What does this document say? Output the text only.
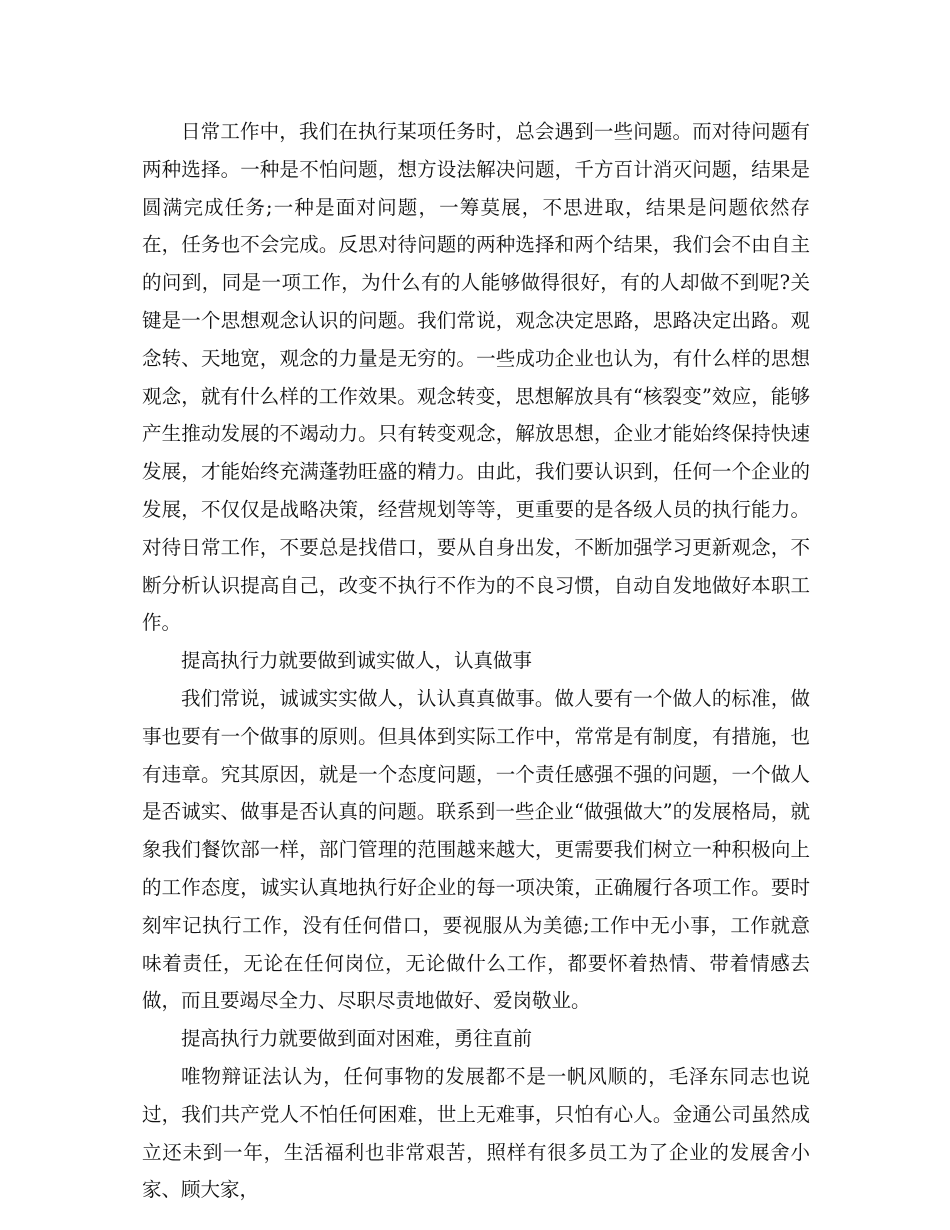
日常工作中，我们在执行某项任务时，总会遇到一些问题。而对待问题有两种选择。一种是不怕问题，想方设法解决问题，千方百计消灭问题，结果是圆满完成任务;一种是面对问题，一筹莫展，不思进取，结果是问题依然存在，任务也不会完成。反思对待问题的两种选择和两个结果，我们会不由自主的问到，同是一项工作，为什么有的人能够做得很好，有的人却做不到呢?关键是一个思想观念认识的问题。我们常说，观念决定思路，思路决定出路。观念转、天地宽，观念的力量是无穷的。一些成功企业也认为，有什么样的思想观念，就有什么样的工作效果。观念转变，思想解放具有“核裂变”效应，能够产生推动发展的不竭动力。只有转变观念，解放思想，企业才能始终保持快速发展，才能始终充满蓬勃旺盛的精力。由此，我们要认识到，任何一个企业的发展，不仅仅是战略决策，经营规划等等，更重要的是各级人员的执行能力。对待日常工作，不要总是找借口，要从自身出发，不断加强学习更新观念，不断分析认识提高自己，改变不执行不作为的不良习惯，自动自发地做好本职工作。

提高执行力就要做到诚实做人，认真做事

我们常说，诚诚实实做人，认认真真做事。做人要有一个做人的标准，做事也要有一个做事的原则。但具体到实际工作中，常常是有制度，有措施，也有违章。究其原因，就是一个态度问题，一个责任感强不强的问题，一个做人是否诚实、做事是否认真的问题。联系到一些企业“做强做大”的发展格局，就象我们餐饮部一样，部门管理的范围越来越大，更需要我们树立一种积极向上的工作态度，诚实认真地执行好企业的每一项决策，正确履行各项工作。要时刻牢记执行工作，没有任何借口，要视服从为美德;工作中无小事，工作就意味着责任，无论在任何岗位，无论做什么工作，都要怀着热情、带着情感去做，而且要竭尽全力、尽职尽责地做好、爱岗敬业。

提高执行力就要做到面对困难，勇往直前

唯物辩证法认为，任何事物的发展都不是一帆风顺的，毛泽东同志也说过，我们共产党人不怕任何困难，世上无难事，只怕有心人。金通公司虽然成立还未到一年，生活福利也非常艰苦，照样有很多员工为了企业的发展舍小家、顾大家，
